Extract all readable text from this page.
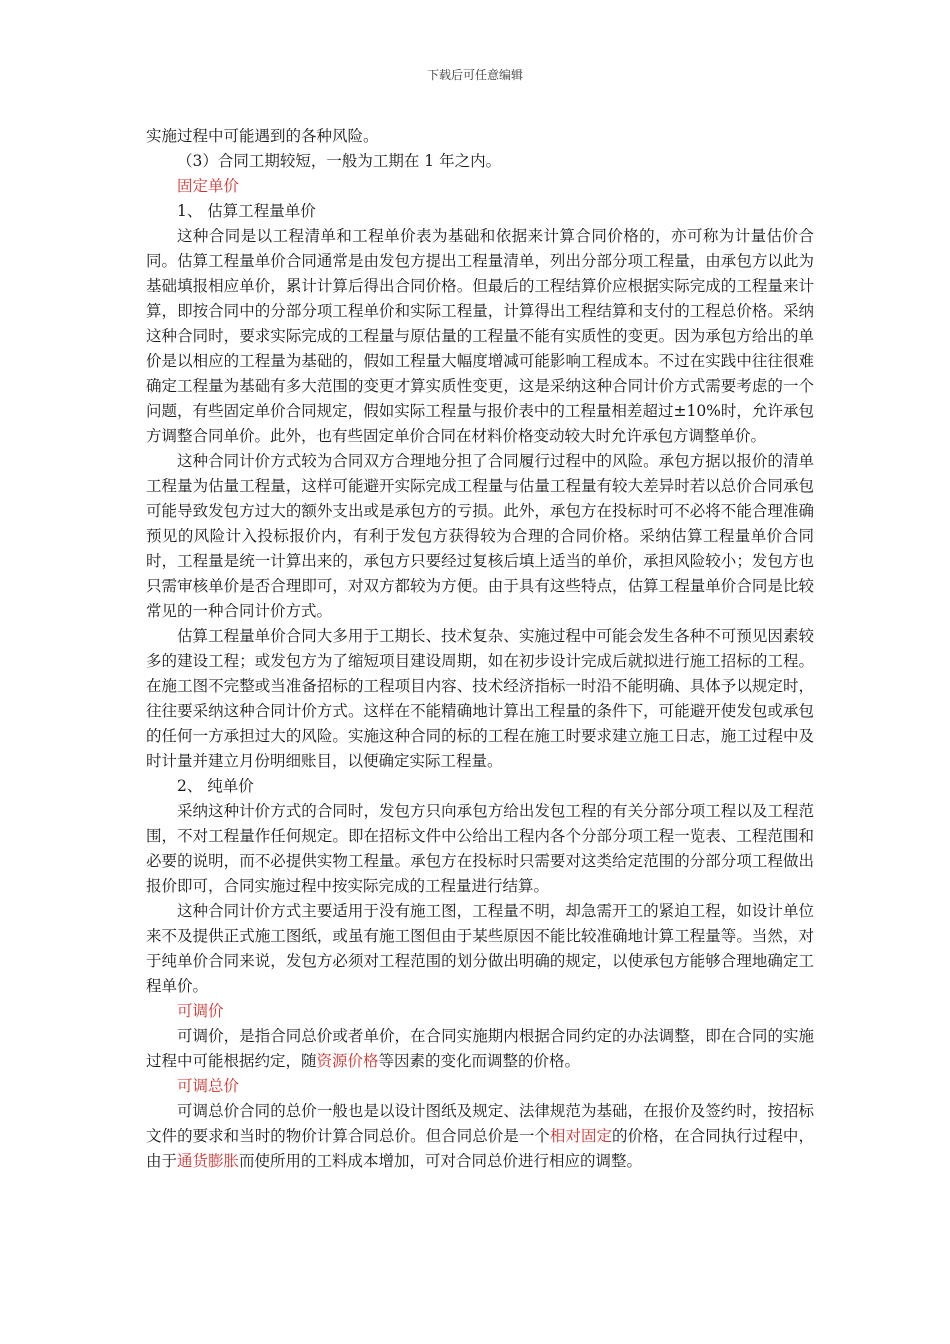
下载后可任意编辑

实施过程中可能遇到的各种风险。

（3）合同工期较短，一般为工期在 1 年之内。

固定单价

1、 估算工程量单价

这种合同是以工程清单和工程单价表为基础和依据来计算合同价格的，亦可称为计量估价合同。估算工程量单价合同通常是由发包方提出工程量清单，列出分部分项工程量，由承包方以此为基础填报相应单价，累计计算后得出合同价格。但最后的工程结算价应根据实际完成的工程量来计算，即按合同中的分部分项工程单价和实际工程量，计算得出工程结算和支付的工程总价格。采纳这种合同时，要求实际完成的工程量与原估量的工程量不能有实质性的变更。因为承包方给出的单价是以相应的工程量为基础的，假如工程量大幅度增减可能影响工程成本。不过在实践中往往很难确定工程量为基础有多大范围的变更才算实质性变更，这是采纳这种合同计价方式需要考虑的一个问题，有些固定单价合同规定，假如实际工程量与报价表中的工程量相差超过±10%时，允许承包方调整合同单价。此外，也有些固定单价合同在材料价格变动较大时允许承包方调整单价。

这种合同计价方式较为合同双方合理地分担了合同履行过程中的风险。承包方据以报价的清单工程量为估量工程量，这样可能避开实际完成工程量与估量工程量有较大差异时若以总价合同承包可能导致发包方过大的额外支出或是承包方的亏损。此外，承包方在投标时可不必将不能合理准确预见的风险计入投标报价内，有利于发包方获得较为合理的合同价格。采纳估算工程量单价合同时，工程量是统一计算出来的，承包方只要经过复核后填上适当的单价，承担风险较小；发包方也只需审核单价是否合理即可，对双方都较为方便。由于具有这些特点，估算工程量单价合同是比较常见的一种合同计价方式。

估算工程量单价合同大多用于工期长、技术复杂、实施过程中可能会发生各种不可预见因素较多的建设工程；或发包方为了缩短项目建设周期，如在初步设计完成后就拟进行施工招标的工程。在施工图不完整或当准备招标的工程项目内容、技术经济指标一时沿不能明确、具体予以规定时，往往要采纳这种合同计价方式。这样在不能精确地计算出工程量的条件下，可能避开使发包或承包的任何一方承担过大的风险。实施这种合同的标的工程在施工时要求建立施工日志，施工过程中及时计量并建立月份明细账目，以便确定实际工程量。

2、 纯单价

采纳这种计价方式的合同时，发包方只向承包方给出发包工程的有关分部分项工程以及工程范围，不对工程量作任何规定。即在招标文件中公给出工程内各个分部分项工程一览表、工程范围和必要的说明，而不必提供实物工程量。承包方在投标时只需要对这类给定范围的分部分项工程做出报价即可，合同实施过程中按实际完成的工程量进行结算。

这种合同计价方式主要适用于没有施工图，工程量不明，却急需开工的紧迫工程，如设计单位来不及提供正式施工图纸，或虽有施工图但由于某些原因不能比较准确地计算工程量等。当然，对于纯单价合同来说，发包方必须对工程范围的划分做出明确的规定，以使承包方能够合理地确定工程单价。

可调价

可调价，是指合同总价或者单价，在合同实施期内根据合同约定的办法调整，即在合同的实施过程中可能根据约定，随资源价格等因素的变化而调整的价格。

可调总价

可调总价合同的总价一般也是以设计图纸及规定、法律规范为基础，在报价及签约时，按招标文件的要求和当时的物价计算合同总价。但合同总价是一个相对固定的价格，在合同执行过程中，由于通货膨胀而使所用的工料成本增加，可对合同总价进行相应的调整。
